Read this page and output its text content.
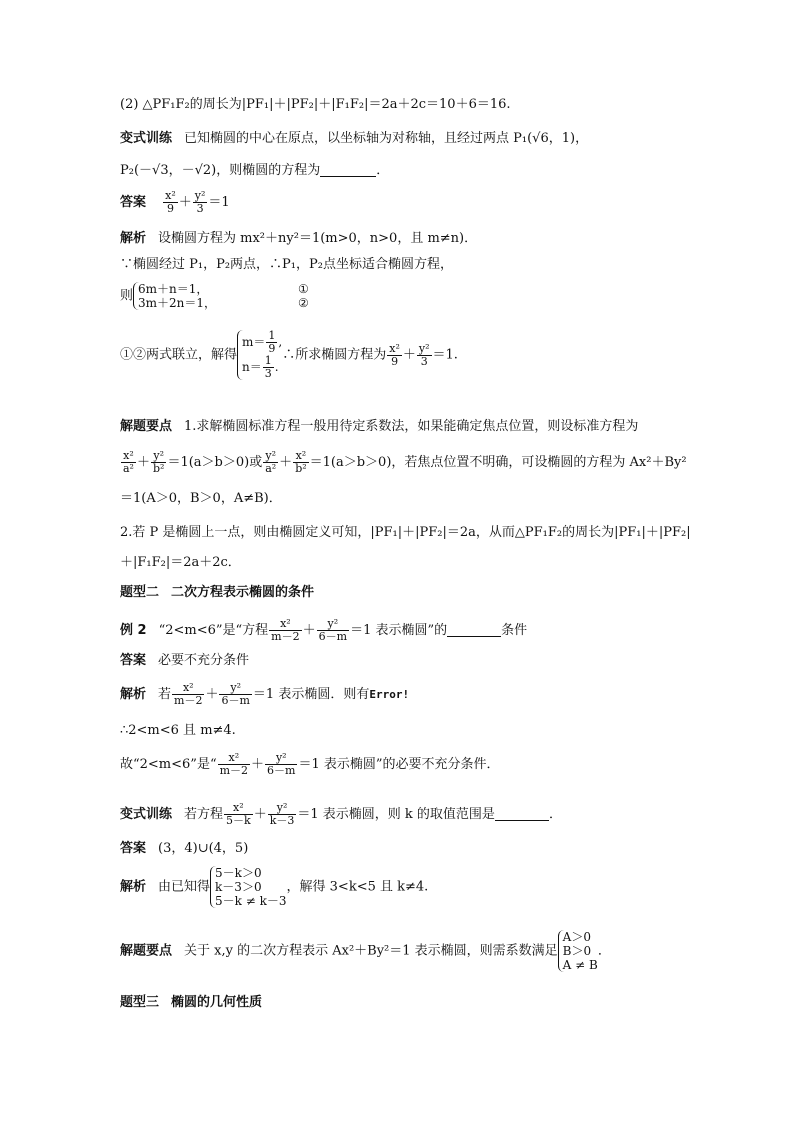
(2) △PF₁F₂的周长为|PF₁|＋|PF₂|＋|F₁F₂|＝2a＋2c＝10＋6＝16.
变式训练 已知椭圆的中心在原点，以坐标轴为对称轴，且经过两点 P₁(√6，1)，
P₂(－√3，－√2)，则椭圆的方程为	．
答案 $\frac{\text{x²}}{9} + \frac{\text{y²}}{3} =1$
解析 设椭圆方程为 mx²＋ny²＝1(m>0，n>0，且 m≠n)．
∵椭圆经过 P₁，P₂两点，∴P₁，P₂点坐标适合椭圆方程，
则 6m＋n＝1，	①
3m＋2n＝1，	②
①②两式联立，解得
$m= \frac{1}{9}$ ,
$n= \frac{1}{3}$ .
∴所求椭圆方程为 $\frac{\text{x²}}{9} + \frac{\text{y²}}{3} =1$.
解题要点 1.求解椭圆标准方程一般用待定系数法，如果能确定焦点位置，则设标准方程为
$\frac{\text{x²}}{\text{a²}} + \frac{\text{y²}}{\text{b²}} =1(a>b>0)$或 $\frac{\text{y²}}{\text{a²}} + \frac{\text{x²}}{\text{b²}} =1(a>b>0)$，若焦点位置不明确，可设椭圆的方程为 Ax²＋By²
＝1(A＞0，B＞0，A≠B)．
2.若 P 是椭圆上一点，则由椭圆定义可知，|PF₁|＋|PF₂|＝2a，从而△PF₁F₂的周长为|PF₁|＋|PF₂|
＋|F₁F₂|＝2a＋2c．
题型二 二次方程表示椭圆的条件
例 2 “2<m<6”是“方程 $\frac{\text{x²}}{m-2} + \frac{\text{y²}}{6-m} =1$ 表示椭圆”的	条件
答案 必要不充分条件
解析 若 $\frac{\text{x²}}{m-2} + \frac{\text{y²}}{6-m} =1$ 表示椭圆．则有Error!
∴2<m<6 且 m≠4.
故“2<m<6”是“ $\frac{\text{x²}}{m-2} + \frac{\text{y²}}{6-m} =1$ 表示椭圆”的必要不充分条件．
变式训练 若方程 $\frac{\text{x²}}{5-k} + \frac{\text{y²}}{k-3} =1$ 表示椭圆，则 k 的取值范围是	．
答案 (3，4)∪(4，5)
解析 由已知得
5－k＞0
k－3＞0
5－k ≠ k－3
，解得 3<k<5 且 k≠4.
解题要点 关于 x,y 的二次方程表示 Ax²＋By²＝1 表示椭圆，则需系数满足
A＞0
B＞0
A ≠ B
．
题型三 椭圆的几何性质
